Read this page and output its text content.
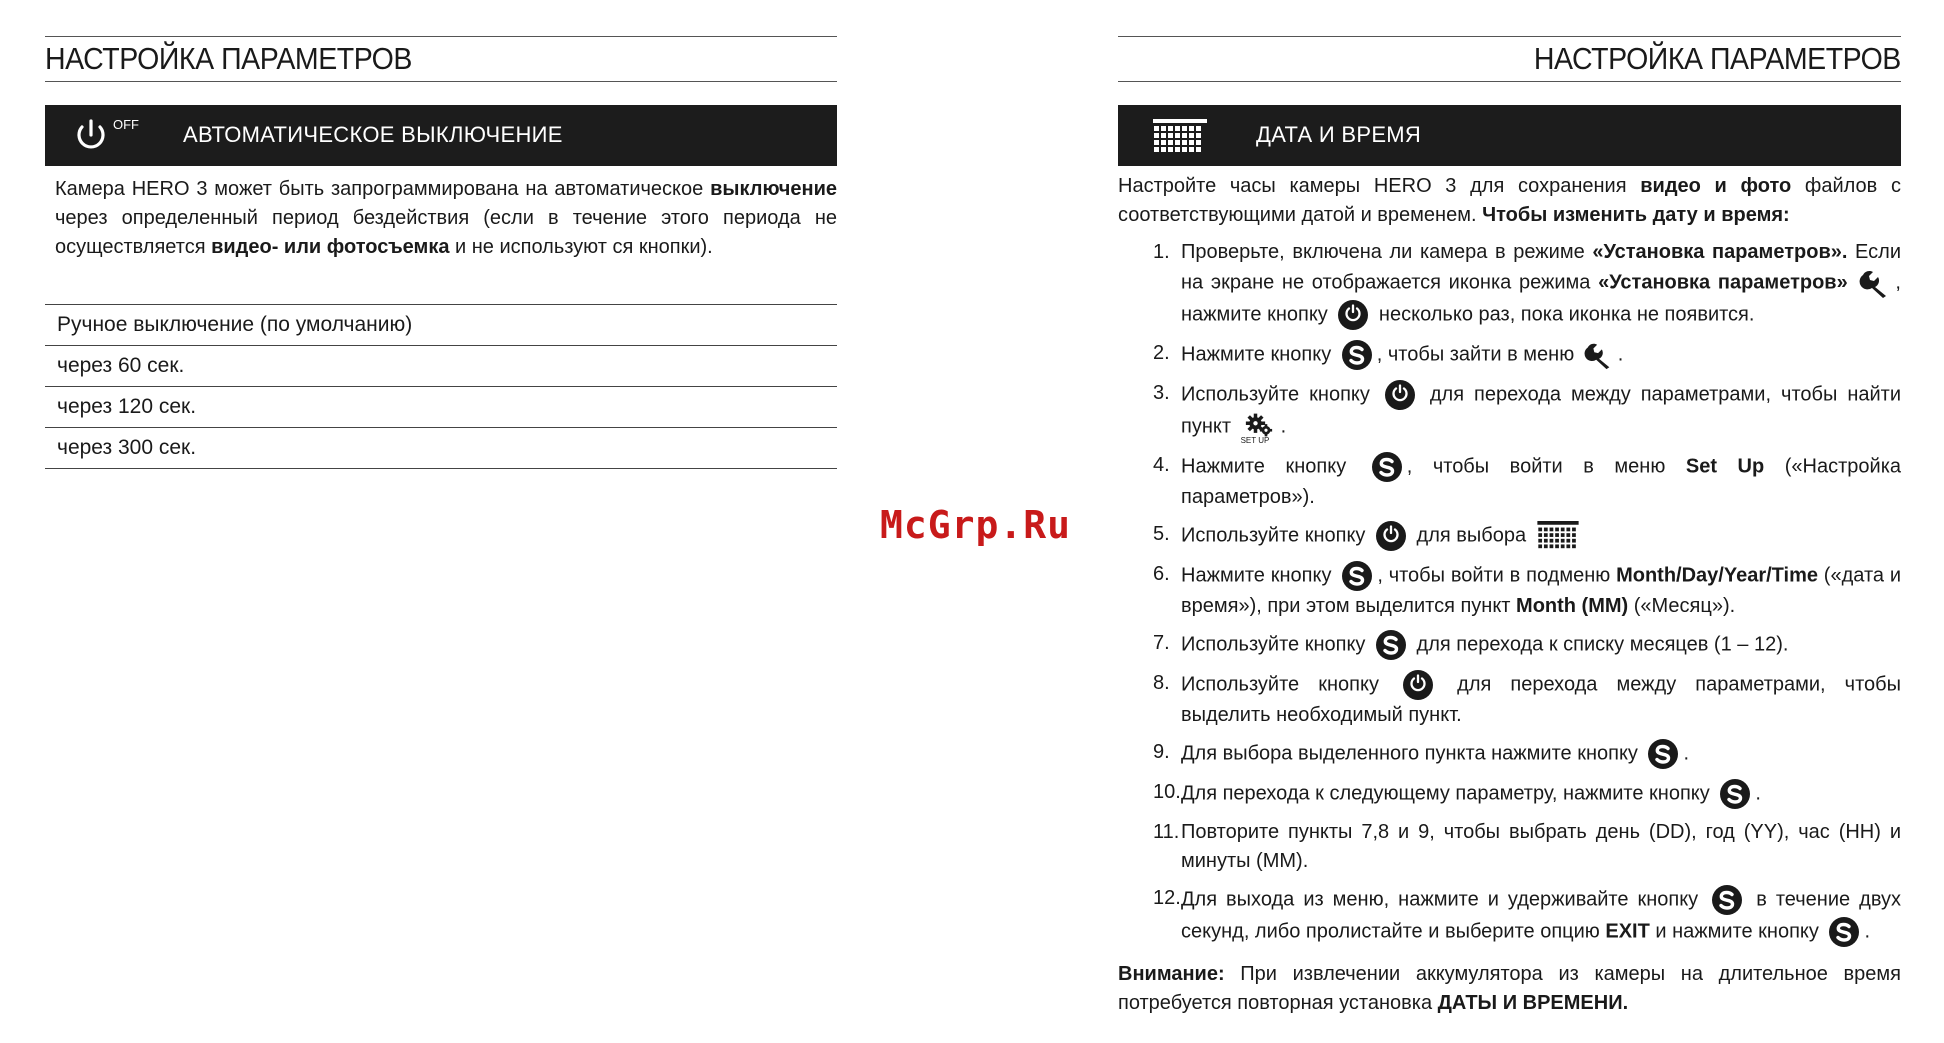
НАСТРОЙКА ПАРАМЕТРОВ
OFF АВТОМАТИЧЕСКОЕ ВЫКЛЮЧЕНИЕ
Камера HERO 3 может быть запрограммирована на автоматическое выключение через определенный период бездействия (если в течение этого периода не осуществляется видео- или фотосъемка и не используют ся кнопки).
Ручное выключение (по умолчанию)
через 60 сек.
через 120 сек.
через 300 сек.
McGrp.Ru
НАСТРОЙКА ПАРАМЕТРОВ
ДАТА И ВРЕМЯ
Настройте часы камеры HERO 3 для сохранения видео и фото файлов с соответствующими датой и временем. Чтобы изменить дату и время:
1. Проверьте, включена ли камера в режиме «Установка параметров». Если на экране не отображается иконка режима «Установка параметров» , нажмите кнопку  несколько раз, пока иконка не появится.
2. Нажмите кнопку , чтобы зайти в меню .
3. Используйте кнопку  для перехода между параметрами, чтобы найти пункт
SET UP
.
4. Нажмите кнопку , чтобы войти в меню Set Up («Настройка параметров»).
5. Используйте кнопку  для выбора
6. Нажмите кнопку , чтобы войти в подменю Month/Day/Year/Time («дата и время»), при этом выделится пункт Month (MM) («Месяц»).
7. Используйте кнопку  для перехода к списку месяцев (1 – 12).
8. Используйте кнопку  для перехода между параметрами, чтобы выделить необходимый пункт.
9. Для выбора выделенного пункта нажмите кнопку .
10. Для перехода к следующему параметру, нажмите кнопку .
11. Повторите пункты 7,8 и 9, чтобы выбрать день (DD), год (YY), час (HH) и минуты (MM).
12. Для выхода из меню, нажмите и удерживайте кнопку  в течение двух секунд, либо пролистайте и выберите опцию EXIT и нажмите кнопку .
Внимание: При извлечении аккумулятора из камеры на длительное время потребуется повторная установка ДАТЫ И ВРЕМЕНИ.
